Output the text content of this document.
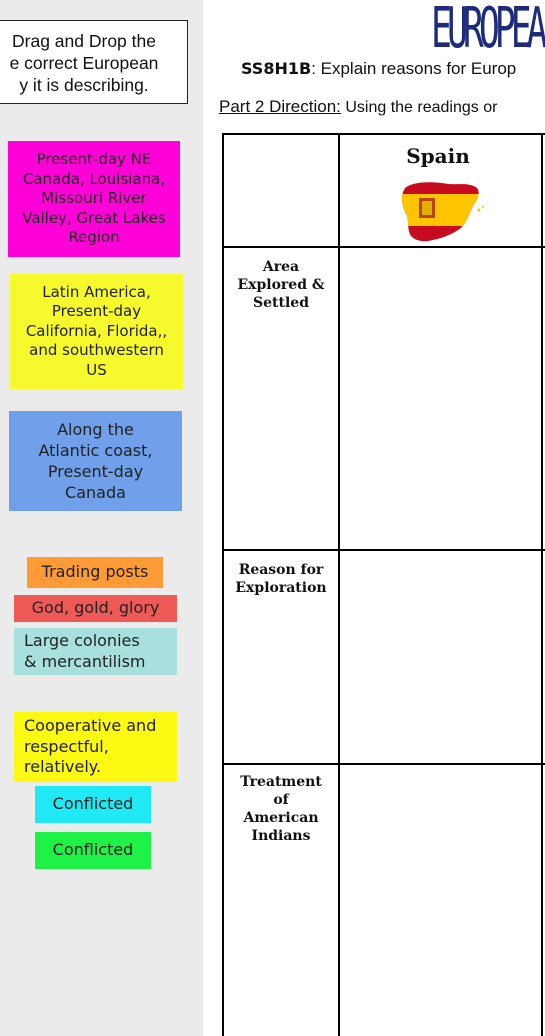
Drag and Drop the
e correct European
y it is describing.
Present-day NE Canada, Louisiana, Missouri River Valley, Great Lakes Region
Latin America, Present-day California, Florida,, and southwestern US
Along the Atlantic coast, Present-day Canada
Trading posts
God, gold, glory
Large colonies & mercantilism
Cooperative and respectful, relatively.
Conflicted
Conflicted
EUROPEA
SS8H1B: Explain reasons for Europ
Part 2 Direction: Using the readings or
Spain
Area
Explored &
Settled
Reason for
Exploration
Treatment
of
American
Indians
